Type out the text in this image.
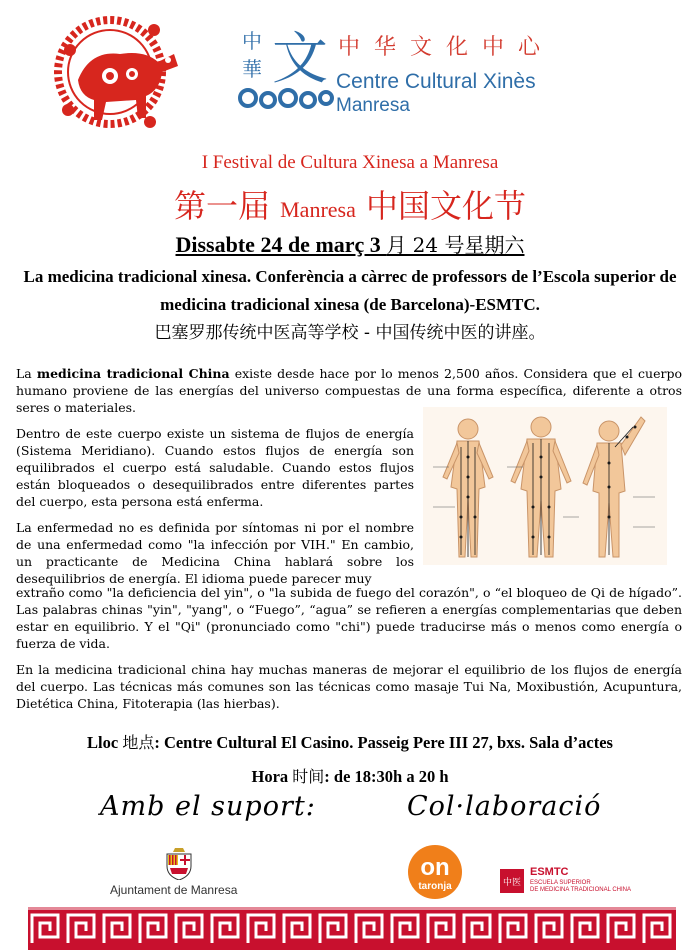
中
華 文 中华文化中心
Centre Cultural Xinès
Manresa
I Festival de Cultura Xinesa a Manresa
第一届 Manresa 中国文化节
Dissabte 24 de març 3 月 24 号星期六
La medicina tradicional xinesa. Conferència a càrrec de professors de l’Escola superior de medicina tradicional xinesa (de Barcelona)-ESMTC.
巴塞罗那传统中医高等学校 - 中国传统中医的讲座。

La medicina tradicional China existe desde hace por lo menos 2,500 años. Considera que el cuerpo humano proviene de las energías del universo compuestas de una forma específica, diferente a otros seres o materiales.

Dentro de este cuerpo existe un sistema de flujos de energía (Sistema Meridiano). Cuando estos flujos de energía son equilibrados el cuerpo está saludable. Cuando estos flujos están bloqueados o desequilibrados entre diferentes partes del cuerpo, esta persona está enferma.

La enfermedad no es definida por síntomas ni por el nombre de una enfermedad como "la infección por VIH." En cambio, un practicante de Medicina China hablará sobre los desequilibrios de energía. El idioma puede parecer muy

extraño como "la deficiencia del yin", o "la subida de fuego del corazón", o “el bloqueo de Qi de hígado”. Las palabras chinas "yin", "yang", o “Fuego”, “agua” se refieren a energías complementarias que deben estar en equilibrio. Y el "Qi" (pronunciado como "chi") puede traducirse más o menos como energía o fuerza de vida.

En la medicina tradicional china hay muchas maneras de mejorar el equilibrio de los flujos de energía del cuerpo. Las técnicas más comunes son las técnicas como masaje Tui Na, Moxibustión, Acupuntura, Dietética China, Fitoterapia (las hierbas).

Lloc 地点: Centre Cultural El Casino. Passeig Pere III 27, bxs. Sala d’actes
Hora 时间: de 18:30h a 20 h
Amb el suport:	Col·laboració
Ajuntament de Manresa
on
taronja	中医
ESMTC
ESCUELA SUPERIOR
DE MEDICINA TRADICIONAL CHINA
